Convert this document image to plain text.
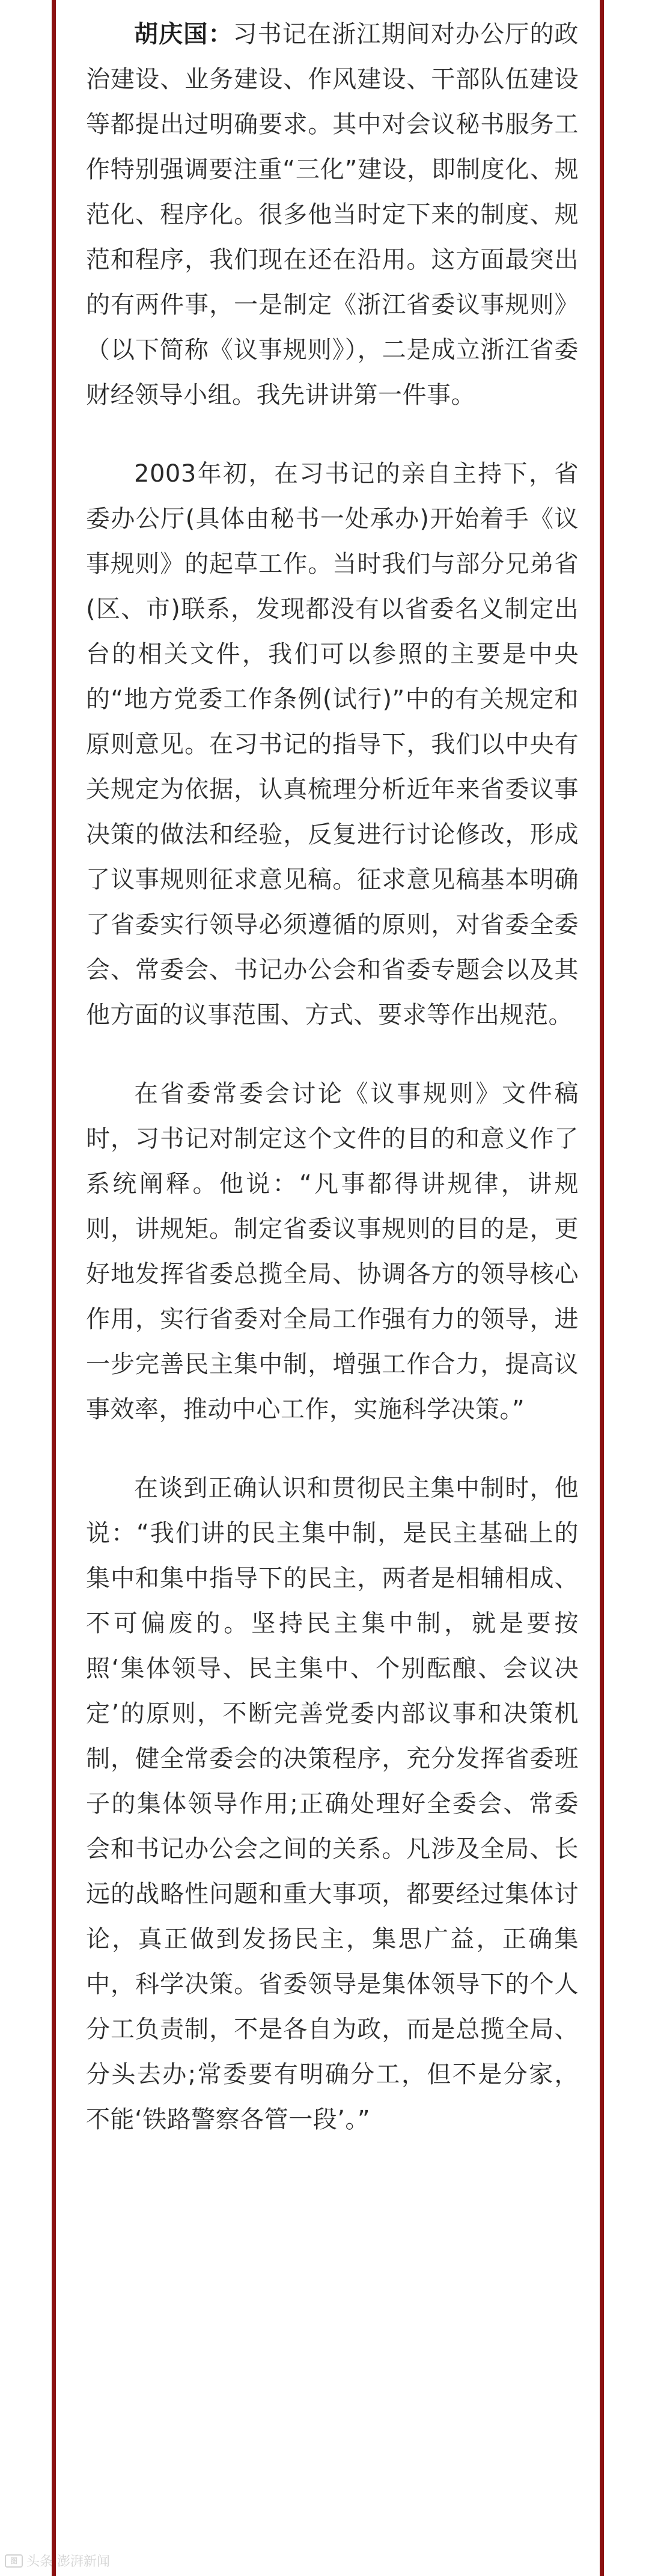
胡庆国：习书记在浙江期间对办公厅的政治建设、业务建设、作风建设、干部队伍建设等都提出过明确要求。其中对会议秘书服务工作特别强调要注重“三化”建设，即制度化、规范化、程序化。很多他当时定下来的制度、规范和程序，我们现在还在沿用。这方面最突出的有两件事，一是制定《浙江省委议事规则》（以下简称《议事规则》），二是成立浙江省委财经领导小组。我先讲讲第一件事。

2003年初，在习书记的亲自主持下，省委办公厅(具体由秘书一处承办)开始着手《议事规则》的起草工作。当时我们与部分兄弟省(区、市)联系，发现都没有以省委名义制定出台的相关文件，我们可以参照的主要是中央的“地方党委工作条例(试行)”中的有关规定和原则意见。在习书记的指导下，我们以中央有关规定为依据，认真梳理分析近年来省委议事决策的做法和经验，反复进行讨论修改，形成了议事规则征求意见稿。征求意见稿基本明确了省委实行领导必须遵循的原则，对省委全委会、常委会、书记办公会和省委专题会以及其他方面的议事范围、方式、要求等作出规范。

在省委常委会讨论《议事规则》文件稿时，习书记对制定这个文件的目的和意义作了系统阐释。他说：“凡事都得讲规律，讲规则，讲规矩。制定省委议事规则的目的是，更好地发挥省委总揽全局、协调各方的领导核心作用，实行省委对全局工作强有力的领导，进一步完善民主集中制，增强工作合力，提高议事效率，推动中心工作，实施科学决策。”

在谈到正确认识和贯彻民主集中制时，他说：“我们讲的民主集中制，是民主基础上的集中和集中指导下的民主，两者是相辅相成、不可偏废的。坚持民主集中制，就是要按照‘集体领导、民主集中、个别酝酿、会议决定’的原则，不断完善党委内部议事和决策机制，健全常委会的决策程序，充分发挥省委班子的集体领导作用;正确处理好全委会、常委会和书记办公会之间的关系。凡涉及全局、长远的战略性问题和重大事项，都要经过集体讨论，真正做到发扬民主，集思广益，正确集中，科学决策。省委领导是集体领导下的个人分工负责制，不是各自为政，而是总揽全局、分头去办;常委要有明确分工，但不是分家，不能‘铁路警察各管一段’。”

图 头条 澎湃新闻
